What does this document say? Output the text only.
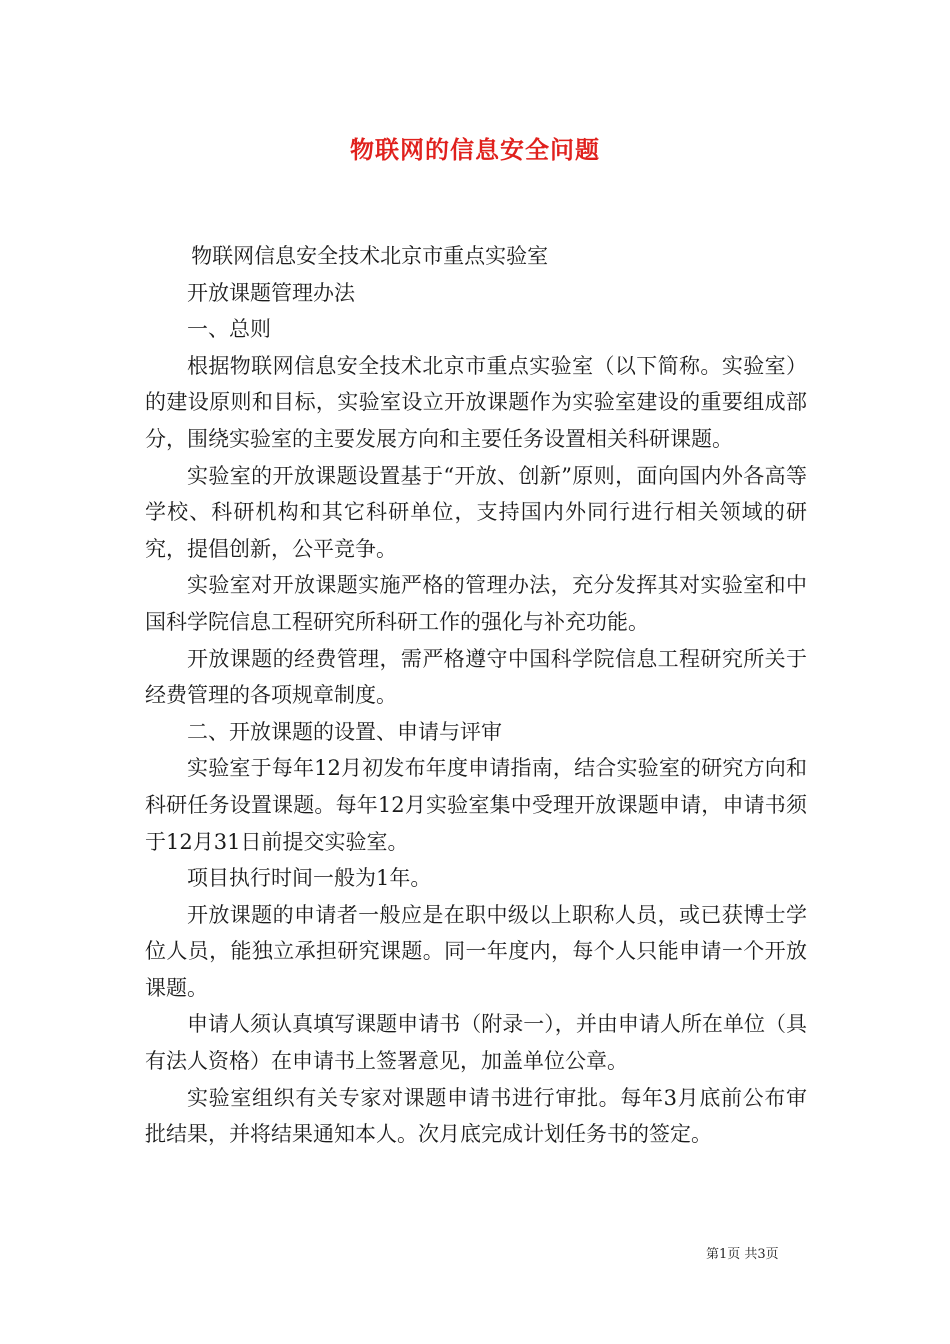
物联网的信息安全问题

物联网信息安全技术北京市重点实验室

开放课题管理办法

一、总则

根据物联网信息安全技术北京市重点实验室（以下简称。实验室）的建设原则和目标，实验室设立开放课题作为实验室建设的重要组成部分，围绕实验室的主要发展方向和主要任务设置相关科研课题。

实验室的开放课题设置基于“开放、创新”原则，面向国内外各高等学校、科研机构和其它科研单位，支持国内外同行进行相关领域的研究，提倡创新，公平竞争。

实验室对开放课题实施严格的管理办法，充分发挥其对实验室和中国科学院信息工程研究所科研工作的强化与补充功能。

开放课题的经费管理，需严格遵守中国科学院信息工程研究所关于经费管理的各项规章制度。

二、开放课题的设置、申请与评审

实验室于每年12月初发布年度申请指南，结合实验室的研究方向和科研任务设置课题。每年12月实验室集中受理开放课题申请，申请书须于12月31日前提交实验室。

项目执行时间一般为1年。

开放课题的申请者一般应是在职中级以上职称人员，或已获博士学位人员，能独立承担研究课题。同一年度内，每个人只能申请一个开放课题。

申请人须认真填写课题申请书（附录一），并由申请人所在单位（具有法人资格）在申请书上签署意见，加盖单位公章。

实验室组织有关专家对课题申请书进行审批。每年3月底前公布审批结果，并将结果通知本人。次月底完成计划任务书的签定。

第1页 共3页
